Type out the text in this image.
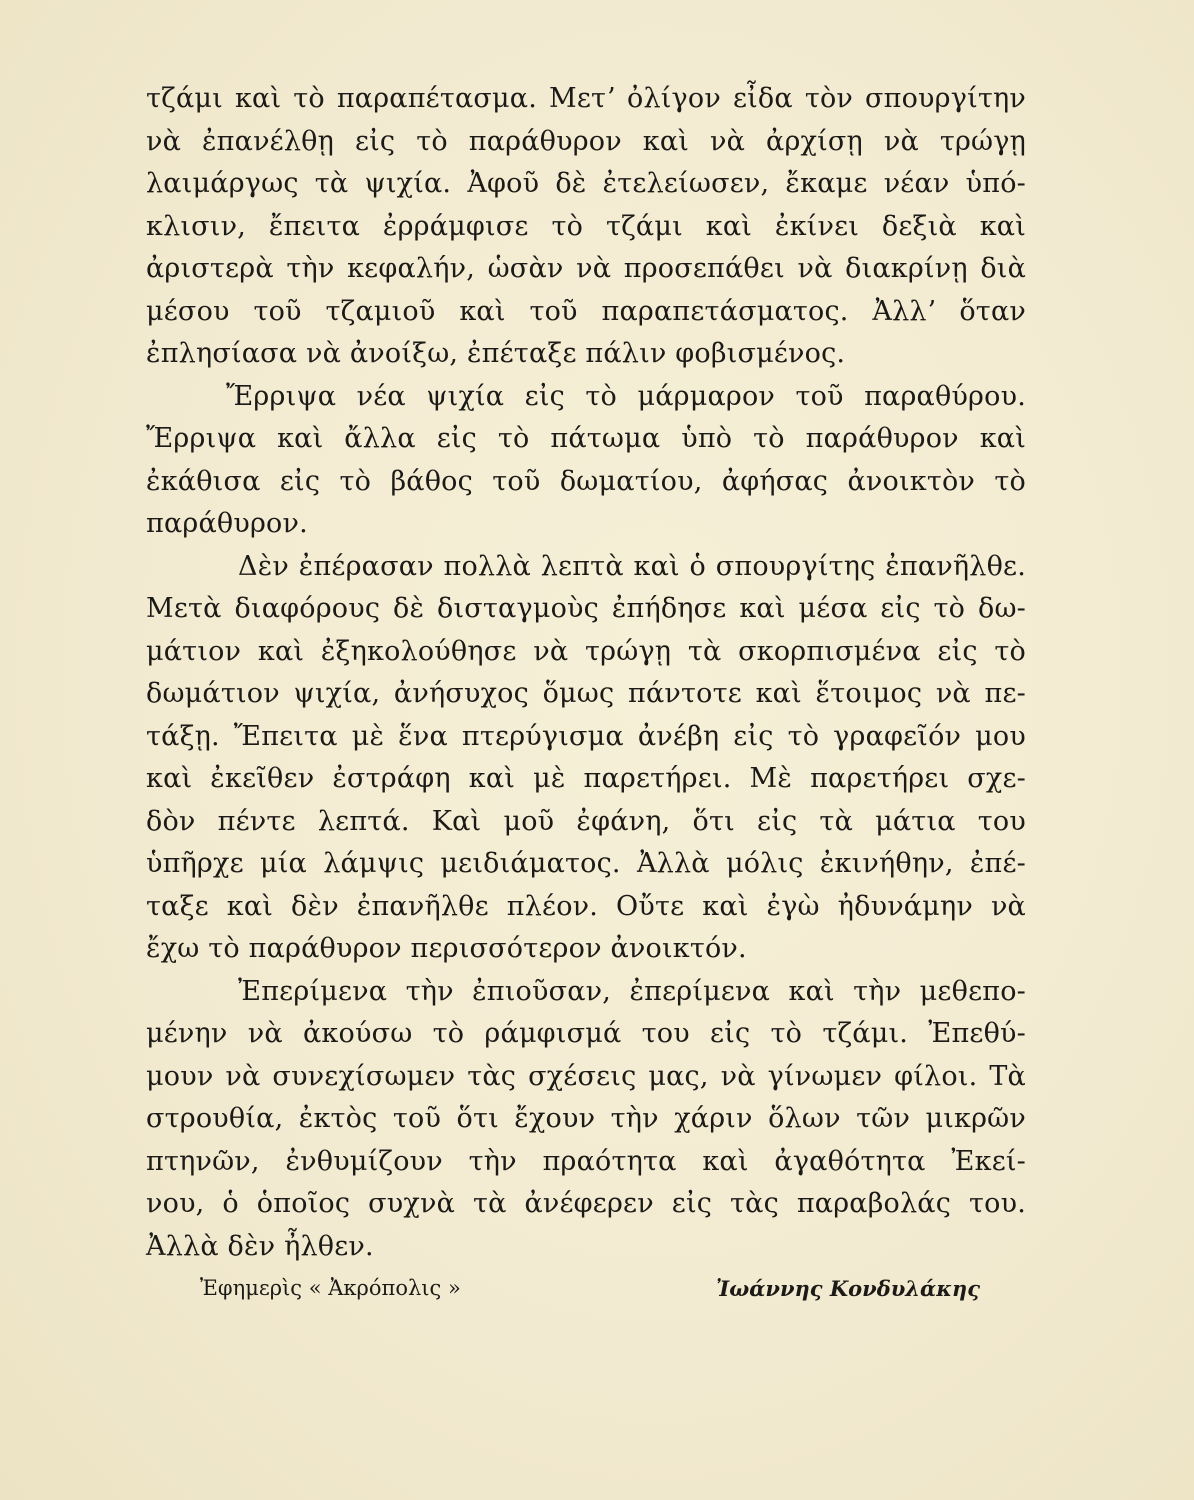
τζάμι καὶ τὸ παραπέτασμα. Μετʼ ὀλίγον εἶδα τὸν σπουργίτην
νὰ ἐπανέλθῃ εἰς τὸ παράθυρον καὶ νὰ ἀρχίσῃ νὰ τρώγῃ
λαιμάργως τὰ ψιχία. Ἀφοῦ δὲ ἐτελείωσεν, ἔκαμε νέαν ὑπό-
κλισιν, ἔπειτα ἐρράμφισε τὸ τζάμι καὶ ἐκίνει δεξιὰ καὶ
ἀριστερὰ τὴν κεφαλήν, ὡσὰν νὰ προσεπάθει νὰ διακρίνῃ διὰ
μέσου τοῦ τζαμιοῦ καὶ τοῦ παραπετάσματος. Ἀλλʼ ὅταν
ἐπλησίασα νὰ ἀνοίξω, ἐπέταξε πάλιν φοβισμένος.
Ἔρριψα νέα ψιχία εἰς τὸ μάρμαρον τοῦ παραθύρου.
Ἔρριψα καὶ ἄλλα εἰς τὸ πάτωμα ὑπὸ τὸ παράθυρον καὶ
ἐκάθισα εἰς τὸ βάθος τοῦ δωματίου, ἀφήσας ἀνοικτὸν τὸ
παράθυρον.
Δὲν ἐπέρασαν πολλὰ λεπτὰ καὶ ὁ σπουργίτης ἐπανῆλθε.
Μετὰ διαφόρους δὲ δισταγμοὺς ἐπήδησε καὶ μέσα εἰς τὸ δω-
μάτιον καὶ ἐξηκολούθησε νὰ τρώγῃ τὰ σκορπισμένα εἰς τὸ
δωμάτιον ψιχία, ἀνήσυχος ὅμως πάντοτε καὶ ἕτοιμος νὰ πε-
τάξῃ. Ἔπειτα μὲ ἕνα πτερύγισμα ἀνέβη εἰς τὸ γραφεῖόν μου
καὶ ἐκεῖθεν ἐστράφη καὶ μὲ παρετήρει. Μὲ παρετήρει σχε-
δὸν πέντε λεπτά. Καὶ μοῦ ἐφάνη, ὅτι εἰς τὰ μάτια του
ὑπῆρχε μία λάμψις μειδιάματος. Ἀλλὰ μόλις ἐκινήθην, ἐπέ-
ταξε καὶ δὲν ἐπανῆλθε πλέον. Οὔτε καὶ ἐγὼ ἠδυνάμην νὰ
ἔχω τὸ παράθυρον περισσότερον ἀνοικτόν.
Ἐπερίμενα τὴν ἐπιοῦσαν, ἐπερίμενα καὶ τὴν μεθεπο-
μένην νὰ ἀκούσω τὸ ράμφισμά του εἰς τὸ τζάμι. Ἐπεθύ-
μουν νὰ συνεχίσωμεν τὰς σχέσεις μας, νὰ γίνωμεν φίλοι. Τὰ
στρουθία, ἐκτὸς τοῦ ὅτι ἔχουν τὴν χάριν ὅλων τῶν μικρῶν
πτηνῶν, ἐνθυμίζουν τὴν πραότητα καὶ ἀγαθότητα Ἐκεί-
νου, ὁ ὁποῖος συχνὰ τὰ ἀνέφερεν εἰς τὰς παραβολάς του.
Ἀλλὰ δὲν ἦλθεν.
Ἐφημερὶς « Ἀκρόπολις »	Ἰωάννης Κονδυλάκης
